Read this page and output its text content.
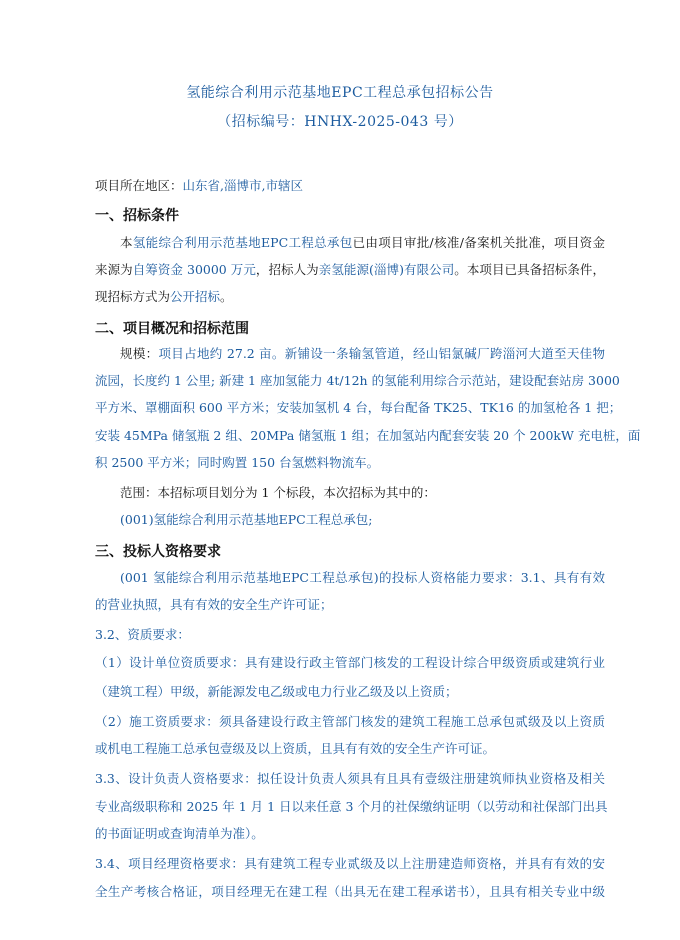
氢能综合利用示范基地EPC工程总承包招标公告
（招标编号：HNHX-2025-043 号）
项目所在地区：山东省,淄博市,市辖区
一、招标条件
本氢能综合利用示范基地EPC工程总承包已由项目审批/核准/备案机关批准，项目资金
来源为自筹资金 30000 万元，招标人为亲氢能源(淄博)有限公司。本项目已具备招标条件，
现招标方式为公开招标。
二、项目概况和招标范围
规模：项目占地约 27.2 亩。新铺设一条输氢管道，经山铝氯碱厂跨淄河大道至天佳物
流园，长度约 1 公里; 新建 1 座加氢能力 4t/12h 的氢能利用综合示范站，建设配套站房 3000
平方米、罩棚面积 600 平方米；安装加氢机 4 台，每台配备 TK25、TK16 的加氢枪各 1 把；
安装 45MPa 储氢瓶 2 组、20MPa 储氢瓶 1 组；在加氢站内配套安装 20 个 200kW 充电桩，面
积 2500 平方米；同时购置 150 台氢燃料物流车。
范围：本招标项目划分为 1 个标段，本次招标为其中的：
(001)氢能综合利用示范基地EPC工程总承包;
三、投标人资格要求
(001 氢能综合利用示范基地EPC工程总承包)的投标人资格能力要求：3.1、具有有效
的营业执照，具有有效的安全生产许可证；
3.2、资质要求：
（1）设计单位资质要求：具有建设行政主管部门核发的工程设计综合甲级资质或建筑行业
（建筑工程）甲级，新能源发电乙级或电力行业乙级及以上资质；
（2）施工资质要求：须具备建设行政主管部门核发的建筑工程施工总承包贰级及以上资质
或机电工程施工总承包壹级及以上资质，且具有有效的安全生产许可证。
3.3、设计负责人资格要求：拟任设计负责人须具有且具有壹级注册建筑师执业资格及相关
专业高级职称和 2025 年 1 月 1 日以来任意 3 个月的社保缴纳证明（以劳动和社保部门出具
的书面证明或查询清单为准）。
3.4、项目经理资格要求：具有建筑工程专业贰级及以上注册建造师资格，并具有有效的安
全生产考核合格证，项目经理无在建工程（出具无在建工程承诺书），且具有相关专业中级
